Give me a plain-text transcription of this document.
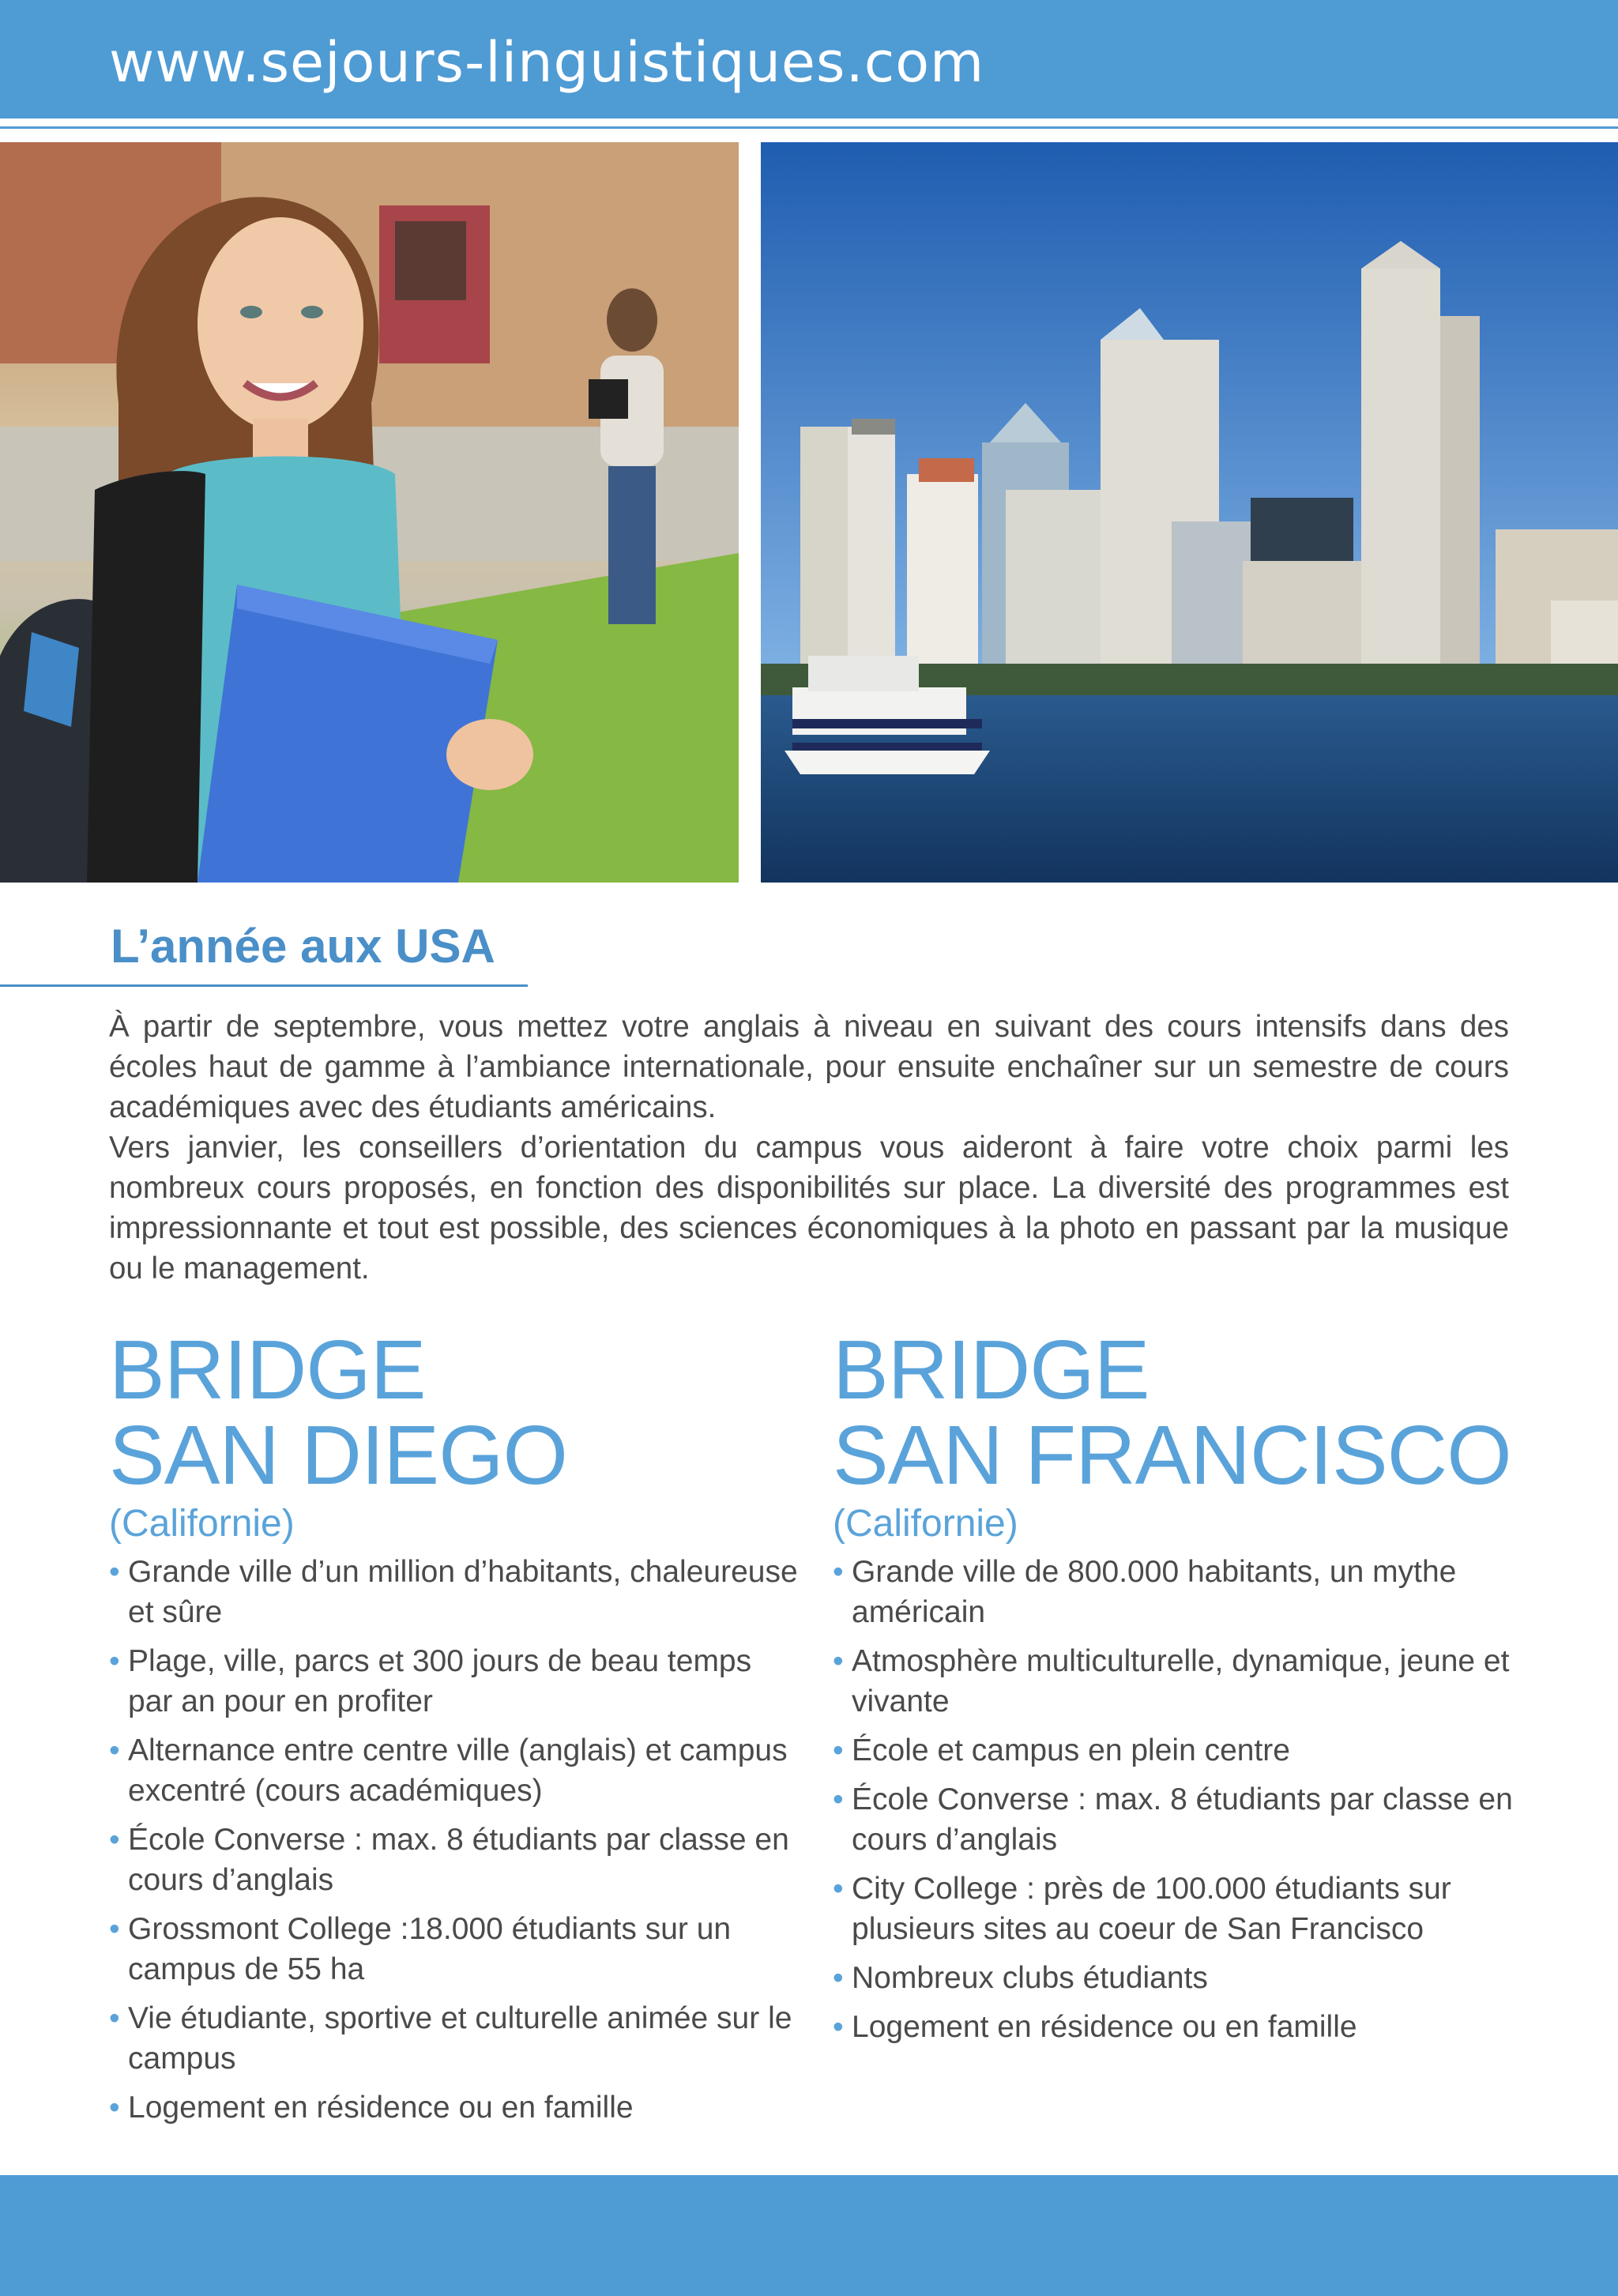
www.sejours-linguistiques.com
L’année aux USA

À partir de septembre, vous mettez votre anglais à niveau en suivant des cours intensifs dans des écoles haut de gamme à l’ambiance internationale, pour ensuite enchaîner sur un semestre de cours académiques avec des étudiants américains.

Vers janvier, les conseillers d’orientation du campus vous aideront à faire votre choix parmi les nombreux cours proposés, en fonction des disponibilités sur place. La diversité des programmes est impressionnante et tout est possible, des sciences économiques à la photo en passant par la musique ou le management.

BRIDGE
SAN DIEGO
(Californie)
• Grande ville d’un million d’habitants, chaleureuse et sûre
• Plage, ville, parcs et 300 jours de beau temps par an pour en profiter
• Alternance entre centre ville (anglais) et campus excentré (cours académiques)
• École Converse : max. 8 étudiants par classe en cours d’anglais
• Grossmont College :18.000 étudiants sur un campus de 55 ha
• Vie étudiante, sportive et culturelle animée sur le campus
• Logement en résidence ou en famille
BRIDGE
SAN FRANCISCO
(Californie)
• Grande ville de 800.000 habitants, un mythe américain
• Atmosphère multiculturelle, dynamique, jeune et vivante
• École et campus en plein centre
• École Converse : max. 8 étudiants par classe en cours d’anglais
• City College : près de 100.000 étudiants sur plusieurs sites au coeur de San Francisco
• Nombreux clubs étudiants
• Logement en résidence ou en famille
